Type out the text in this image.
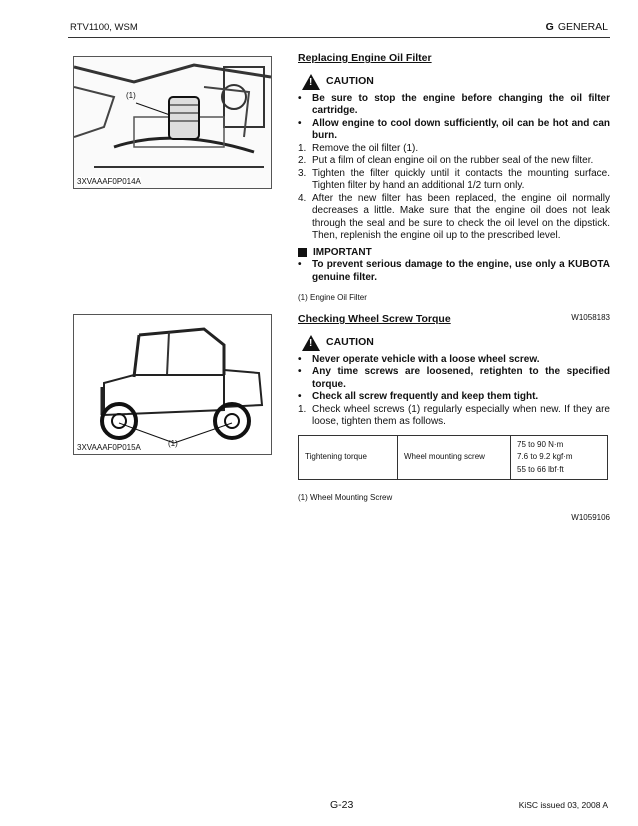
RTV1100, WSM	G GENERAL
(1)
3XVAAAF0P014A
(1)
3XVAAAF0P015A
Replacing Engine Oil Filter
! CAUTION
•	Be sure to stop the engine before changing the oil filter cartridge.
•	Allow engine to cool down sufficiently, oil can be hot and can burn.
1. Remove the oil filter (1).
2. Put a film of clean engine oil on the rubber seal of the new filter.
3. Tighten the filter quickly until it contacts the mounting surface. Tighten filter by hand an additional 1/2 turn only.
4. After the new filter has been replaced, the engine oil normally decreases a little. Make sure that the engine oil does not leak through the seal and be sure to check the oil level on the dipstick. Then, replenish the engine oil up to the prescribed level.
IMPORTANT
•	To prevent serious damage to the engine, use only a KUBOTA genuine filter.
(1) Engine Oil Filter
W1058183
Checking Wheel Screw Torque
! CAUTION
•	Never operate vehicle with a loose wheel screw.
•	Any time screws are loosened, retighten to the specified torque.
•	Check all screw frequently and keep them tight.
1. Check wheel screws (1) regularly especially when new. If they are loose, tighten them as follows.
Tightening torque	Wheel mounting screw	
75 to 90 N·m
7.6 to 9.2 kgf·m
55 to 66 lbf·ft
(1) Wheel Mounting Screw
W1059106
G-23	KiSC issued 03, 2008 A
